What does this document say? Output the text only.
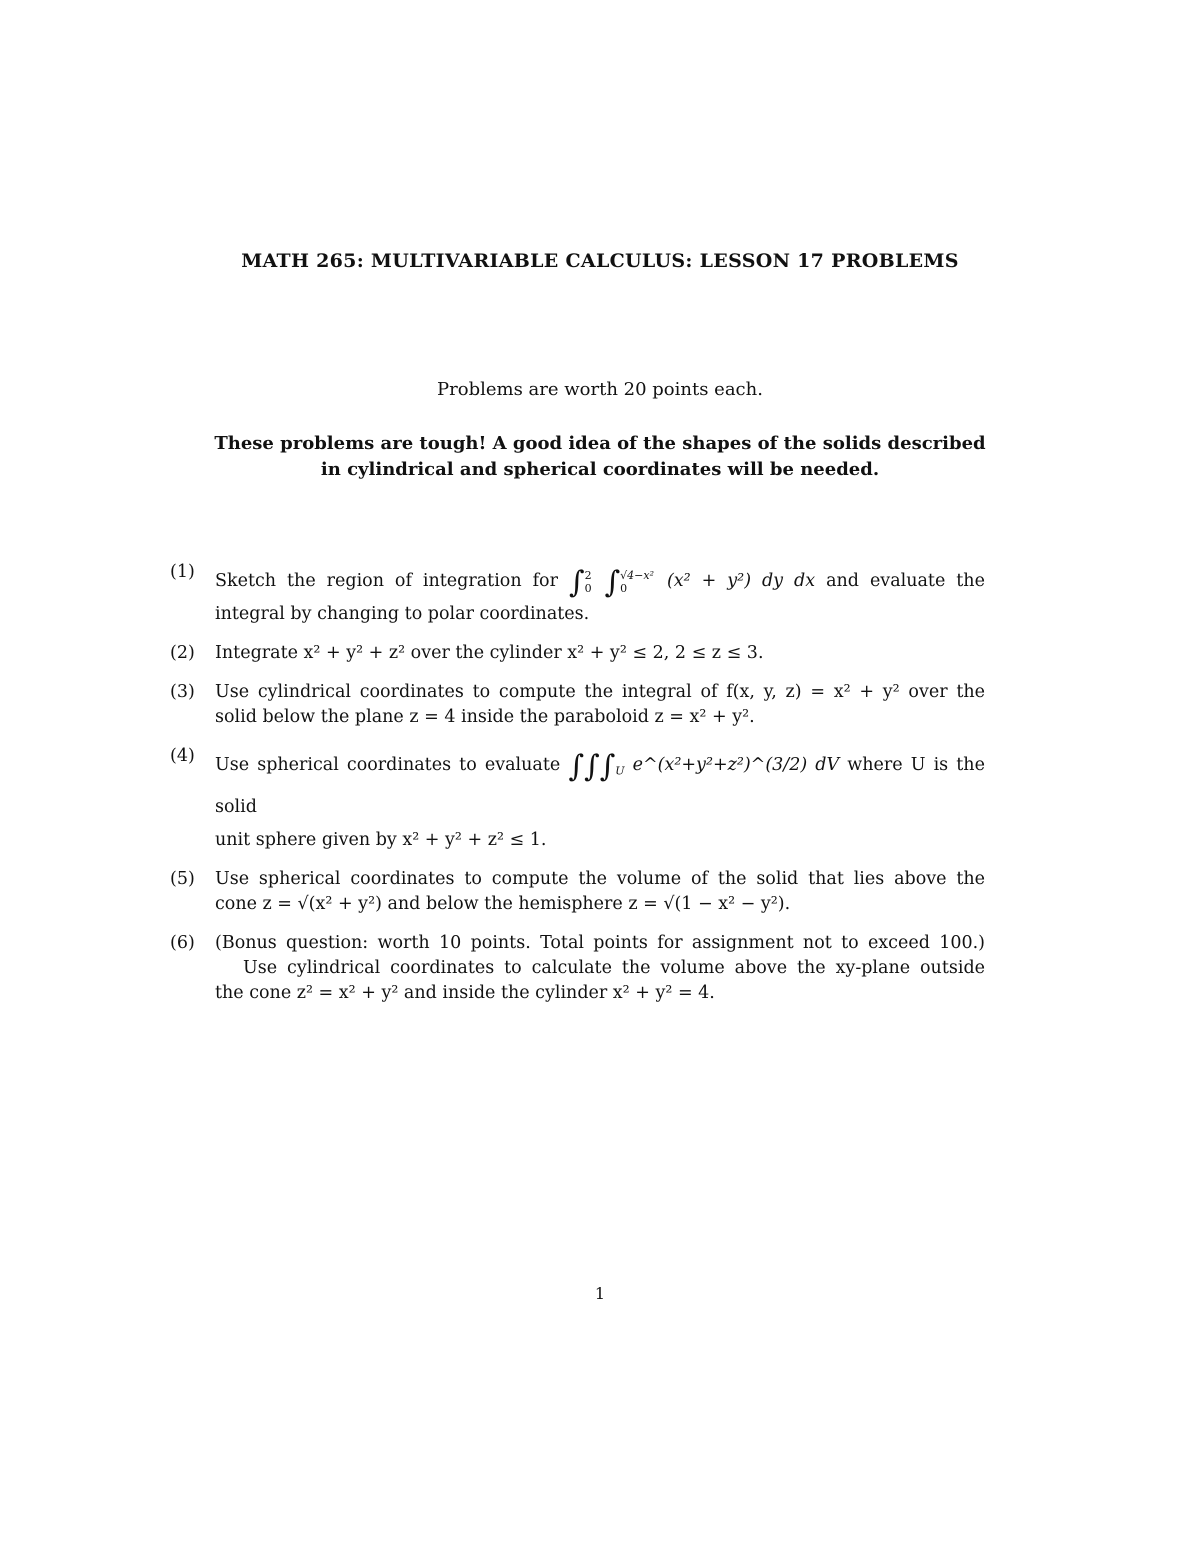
MATH 265: MULTIVARIABLE CALCULUS: LESSON 17 PROBLEMS
Problems are worth 20 points each.
These problems are tough! A good idea of the shapes of the solids described
in cylindrical and spherical coordinates will be needed.
(1) Sketch the region of integration for ∫2
0 ∫√4−x²
0 (x² + y²) dy dx and evaluate the
integral by changing to polar coordinates.
(2) Integrate x² + y² + z² over the cylinder x² + y² ≤ 2, 2 ≤ z ≤ 3.
(3) Use cylindrical coordinates to compute the integral of f(x, y, z) = x² + y² over the
solid below the plane z = 4 inside the paraboloid z = x² + y².
(4) Use spherical coordinates to evaluate $\int\int\int_U$ e^(x²+y²+z²)^(3/2) dV where U is the solid
unit sphere given by x² + y² + z² ≤ 1.
(5) Use spherical coordinates to compute the volume of the solid that lies above the
cone z = √(x² + y²) and below the hemisphere z = √(1 − x² − y²).
(6) (Bonus question: worth 10 points. Total points for assignment not to exceed 100.)
Use cylindrical coordinates to calculate the volume above the xy-plane outside
the cone z² = x² + y² and inside the cylinder x² + y² = 4.
1
